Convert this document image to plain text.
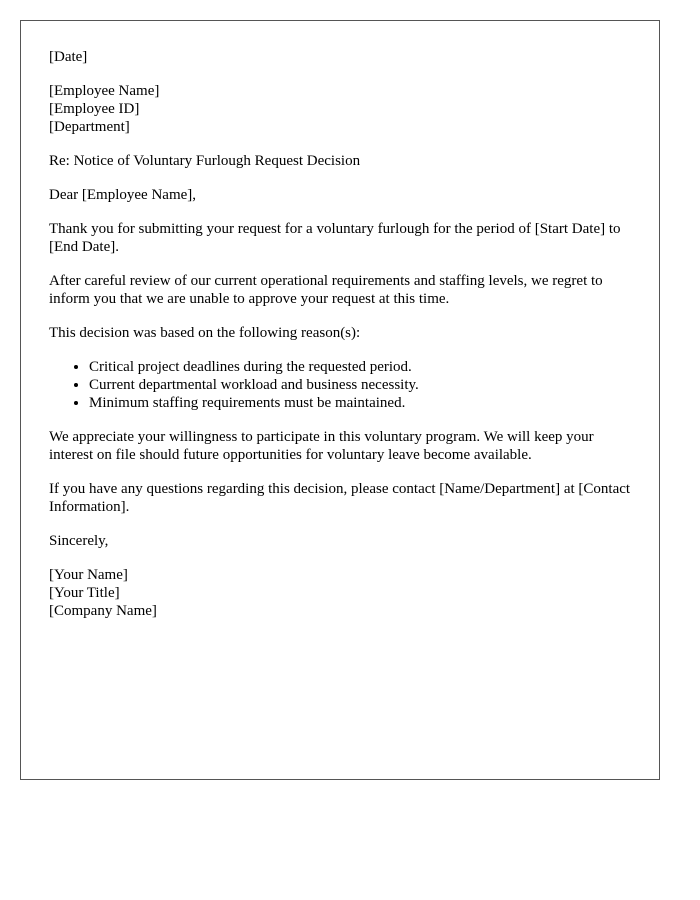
[Date]
[Employee Name]
[Employee ID]
[Department]

Re: Notice of Voluntary Furlough Request Decision

Dear [Employee Name],

Thank you for submitting your request for a voluntary furlough for the period of [Start Date] to [End Date].

After careful review of our current operational requirements and staffing levels, we regret to inform you that we are unable to approve your request at this time.

This decision was based on the following reason(s):

• Critical project deadlines during the requested period.
• Current departmental workload and business necessity.
• Minimum staffing requirements must be maintained.

We appreciate your willingness to participate in this voluntary program. We will keep your interest on file should future opportunities for voluntary leave become available.

If you have any questions regarding this decision, please contact [Name/Department] at [Contact Information].

Sincerely,

[Your Name]
[Your Title]
[Company Name]
